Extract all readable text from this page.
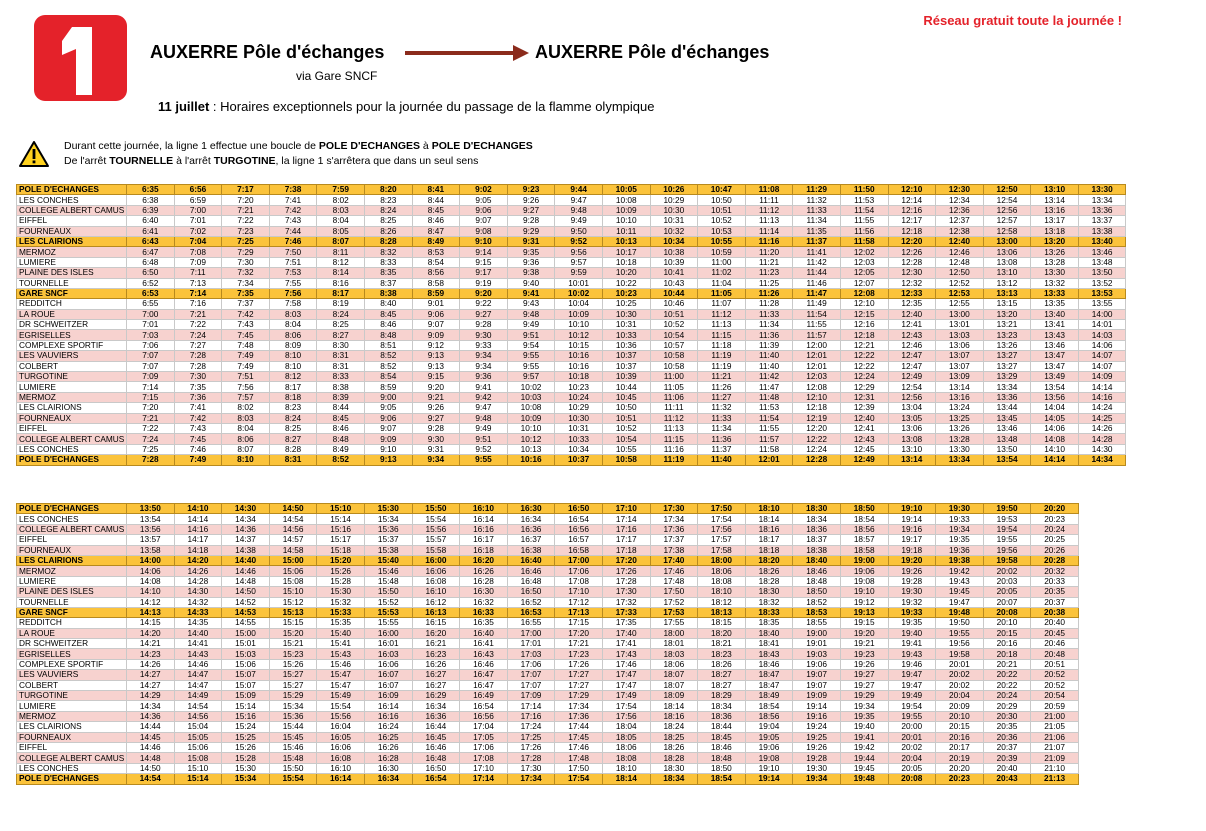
Réseau gratuit toute la journée !
AUXERRE Pôle d'échanges	AUXERRE Pôle d'échanges
via Gare SNCF
11 juillet : Horaires exceptionnels pour la journée du passage de la flamme olympique
Durant cette journée, la ligne 1 effectue une boucle de POLE D'ECHANGES à POLE D'ECHANGES
De l'arrêt TOURNELLE à l'arrêt TURGOTINE, la ligne 1 s'arrêtera que dans un seul sens
POLE D'ECHANGES	6:35	6:56	7:17	7:38	7:59	8:20	8:41	9:02	9:23	9:44	10:05	10:26	10:47	11:08	11:29	11:50	12:10	12:30	12:50	13:10	13:30
LES CONCHES	6:38	6:59	7:20	7:41	8:02	8:23	8:44	9:05	9:26	9:47	10:08	10:29	10:50	11:11	11:32	11:53	12:14	12:34	12:54	13:14	13:34
COLLEGE ALBERT CAMUS	6:39	7:00	7:21	7:42	8:03	8:24	8:45	9:06	9:27	9:48	10:09	10:30	10:51	11:12	11:33	11:54	12:16	12:36	12:56	13:16	13:36
EIFFEL	6:40	7:01	7:22	7:43	8:04	8:25	8:46	9:07	9:28	9:49	10:10	10:31	10:52	11:13	11:34	11:55	12:17	12:37	12:57	13:17	13:37
FOURNEAUX	6:41	7:02	7:23	7:44	8:05	8:26	8:47	9:08	9:29	9:50	10:11	10:32	10:53	11:14	11:35	11:56	12:18	12:38	12:58	13:18	13:38
LES CLAIRIONS	6:43	7:04	7:25	7:46	8:07	8:28	8:49	9:10	9:31	9:52	10:13	10:34	10:55	11:16	11:37	11:58	12:20	12:40	13:00	13:20	13:40
MERMOZ	6:47	7:08	7:29	7:50	8:11	8:32	8:53	9:14	9:35	9:56	10:17	10:38	10:59	11:20	11:41	12:02	12:26	12:46	13:06	13:26	13:46
LUMIERE	6:48	7:09	7:30	7:51	8:12	8:33	8:54	9:15	9:36	9:57	10:18	10:39	11:00	11:21	11:42	12:03	12:28	12:48	13:08	13:28	13:48
PLAINE DES ISLES	6:50	7:11	7:32	7:53	8:14	8:35	8:56	9:17	9:38	9:59	10:20	10:41	11:02	11:23	11:44	12:05	12:30	12:50	13:10	13:30	13:50
TOURNELLE	6:52	7:13	7:34	7:55	8:16	8:37	8:58	9:19	9:40	10:01	10:22	10:43	11:04	11:25	11:46	12:07	12:32	12:52	13:12	13:32	13:52
GARE SNCF	6:53	7:14	7:35	7:56	8:17	8:38	8:59	9:20	9:41	10:02	10:23	10:44	11:05	11:26	11:47	12:08	12:33	12:53	13:13	13:33	13:53
REDDITCH	6:55	7:16	7:37	7:58	8:19	8:40	9:01	9:22	9:43	10:04	10:25	10:46	11:07	11:28	11:49	12:10	12:35	12:55	13:15	13:35	13:55
LA ROUE	7:00	7:21	7:42	8:03	8:24	8:45	9:06	9:27	9:48	10:09	10:30	10:51	11:12	11:33	11:54	12:15	12:40	13:00	13:20	13:40	14:00
DR SCHWEITZER	7:01	7:22	7:43	8:04	8:25	8:46	9:07	9:28	9:49	10:10	10:31	10:52	11:13	11:34	11:55	12:16	12:41	13:01	13:21	13:41	14:01
EGRISELLES	7:03	7:24	7:45	8:06	8:27	8:48	9:09	9:30	9:51	10:12	10:33	10:54	11:15	11:36	11:57	12:18	12:43	13:03	13:23	13:43	14:03
COMPLEXE SPORTIF	7:06	7:27	7:48	8:09	8:30	8:51	9:12	9:33	9:54	10:15	10:36	10:57	11:18	11:39	12:00	12:21	12:46	13:06	13:26	13:46	14:06
LES VAUVIERS	7:07	7:28	7:49	8:10	8:31	8:52	9:13	9:34	9:55	10:16	10:37	10:58	11:19	11:40	12:01	12:22	12:47	13:07	13:27	13:47	14:07
COLBERT	7:07	7:28	7:49	8:10	8:31	8:52	9:13	9:34	9:55	10:16	10:37	10:58	11:19	11:40	12:01	12:22	12:47	13:07	13:27	13:47	14:07
TURGOTINE	7:09	7:30	7:51	8:12	8:33	8:54	9:15	9:36	9:57	10:18	10:39	11:00	11:21	11:42	12:03	12:24	12:49	13:09	13:29	13:49	14:09
LUMIERE	7:14	7:35	7:56	8:17	8:38	8:59	9:20	9:41	10:02	10:23	10:44	11:05	11:26	11:47	12:08	12:29	12:54	13:14	13:34	13:54	14:14
MERMOZ	7:15	7:36	7:57	8:18	8:39	9:00	9:21	9:42	10:03	10:24	10:45	11:06	11:27	11:48	12:10	12:31	12:56	13:16	13:36	13:56	14:16
LES CLAIRIONS	7:20	7:41	8:02	8:23	8:44	9:05	9:26	9:47	10:08	10:29	10:50	11:11	11:32	11:53	12:18	12:39	13:04	13:24	13:44	14:04	14:24
FOURNEAUX	7:21	7:42	8:03	8:24	8:45	9:06	9:27	9:48	10:09	10:30	10:51	11:12	11:33	11:54	12:19	12:40	13:05	13:25	13:45	14:05	14:25
EIFFEL	7:22	7:43	8:04	8:25	8:46	9:07	9:28	9:49	10:10	10:31	10:52	11:13	11:34	11:55	12:20	12:41	13:06	13:26	13:46	14:06	14:26
COLLEGE ALBERT CAMUS	7:24	7:45	8:06	8:27	8:48	9:09	9:30	9:51	10:12	10:33	10:54	11:15	11:36	11:57	12:22	12:43	13:08	13:28	13:48	14:08	14:28
LES CONCHES	7:25	7:46	8:07	8:28	8:49	9:10	9:31	9:52	10:13	10:34	10:55	11:16	11:37	11:58	12:24	12:45	13:10	13:30	13:50	14:10	14:30
POLE D'ECHANGES	7:28	7:49	8:10	8:31	8:52	9:13	9:34	9:55	10:16	10:37	10:58	11:19	11:40	12:01	12:28	12:49	13:14	13:34	13:54	14:14	14:34
POLE D'ECHANGES	13:50	14:10	14:30	14:50	15:10	15:30	15:50	16:10	16:30	16:50	17:10	17:30	17:50	18:10	18:30	18:50	19:10	19:30	19:50	20:20
LES CONCHES	13:54	14:14	14:34	14:54	15:14	15:34	15:54	16:14	16:34	16:54	17:14	17:34	17:54	18:14	18:34	18:54	19:14	19:33	19:53	20:23
COLLEGE ALBERT CAMUS	13:56	14:16	14:36	14:56	15:16	15:36	15:56	16:16	16:36	16:56	17:16	17:36	17:56	18:16	18:36	18:56	19:16	19:34	19:54	20:24
EIFFEL	13:57	14:17	14:37	14:57	15:17	15:37	15:57	16:17	16:37	16:57	17:17	17:37	17:57	18:17	18:37	18:57	19:17	19:35	19:55	20:25
FOURNEAUX	13:58	14:18	14:38	14:58	15:18	15:38	15:58	16:18	16:38	16:58	17:18	17:38	17:58	18:18	18:38	18:58	19:18	19:36	19:56	20:26
LES CLAIRIONS	14:00	14:20	14:40	15:00	15:20	15:40	16:00	16:20	16:40	17:00	17:20	17:40	18:00	18:20	18:40	19:00	19:20	19:38	19:58	20:28
MERMOZ	14:06	14:26	14:46	15:06	15:26	15:46	16:06	16:26	16:46	17:06	17:26	17:46	18:06	18:26	18:46	19:06	19:26	19:42	20:02	20:32
LUMIERE	14:08	14:28	14:48	15:08	15:28	15:48	16:08	16:28	16:48	17:08	17:28	17:48	18:08	18:28	18:48	19:08	19:28	19:43	20:03	20:33
PLAINE DES ISLES	14:10	14:30	14:50	15:10	15:30	15:50	16:10	16:30	16:50	17:10	17:30	17:50	18:10	18:30	18:50	19:10	19:30	19:45	20:05	20:35
TOURNELLE	14:12	14:32	14:52	15:12	15:32	15:52	16:12	16:32	16:52	17:12	17:32	17:52	18:12	18:32	18:52	19:12	19:32	19:47	20:07	20:37
GARE SNCF	14:13	14:33	14:53	15:13	15:33	15:53	16:13	16:33	16:53	17:13	17:33	17:53	18:13	18:33	18:53	19:13	19:33	19:48	20:08	20:38
REDDITCH	14:15	14:35	14:55	15:15	15:35	15:55	16:15	16:35	16:55	17:15	17:35	17:55	18:15	18:35	18:55	19:15	19:35	19:50	20:10	20:40
LA ROUE	14:20	14:40	15:00	15:20	15:40	16:00	16:20	16:40	17:00	17:20	17:40	18:00	18:20	18:40	19:00	19:20	19:40	19:55	20:15	20:45
DR SCHWEITZER	14:21	14:41	15:01	15:21	15:41	16:01	16:21	16:41	17:01	17:21	17:41	18:01	18:21	18:41	19:01	19:21	19:41	19:56	20:16	20:46
EGRISELLES	14:23	14:43	15:03	15:23	15:43	16:03	16:23	16:43	17:03	17:23	17:43	18:03	18:23	18:43	19:03	19:23	19:43	19:58	20:18	20:48
COMPLEXE SPORTIF	14:26	14:46	15:06	15:26	15:46	16:06	16:26	16:46	17:06	17:26	17:46	18:06	18:26	18:46	19:06	19:26	19:46	20:01	20:21	20:51
LES VAUVIERS	14:27	14:47	15:07	15:27	15:47	16:07	16:27	16:47	17:07	17:27	17:47	18:07	18:27	18:47	19:07	19:27	19:47	20:02	20:22	20:52
COLBERT	14:27	14:47	15:07	15:27	15:47	16:07	16:27	16:47	17:07	17:27	17:47	18:07	18:27	18:47	19:07	19:27	19:47	20:02	20:22	20:52
TURGOTINE	14:29	14:49	15:09	15:29	15:49	16:09	16:29	16:49	17:09	17:29	17:49	18:09	18:29	18:49	19:09	19:29	19:49	20:04	20:24	20:54
LUMIERE	14:34	14:54	15:14	15:34	15:54	16:14	16:34	16:54	17:14	17:34	17:54	18:14	18:34	18:54	19:14	19:34	19:54	20:09	20:29	20:59
MERMOZ	14:36	14:56	15:16	15:36	15:56	16:16	16:36	16:56	17:16	17:36	17:56	18:16	18:36	18:56	19:16	19:35	19:55	20:10	20:30	21:00
LES CLAIRIONS	14:44	15:04	15:24	15:44	16:04	16:24	16:44	17:04	17:24	17:44	18:04	18:24	18:44	19:04	19:24	19:40	20:00	20:15	20:35	21:05
FOURNEAUX	14:45	15:05	15:25	15:45	16:05	16:25	16:45	17:05	17:25	17:45	18:05	18:25	18:45	19:05	19:25	19:41	20:01	20:16	20:36	21:06
EIFFEL	14:46	15:06	15:26	15:46	16:06	16:26	16:46	17:06	17:26	17:46	18:06	18:26	18:46	19:06	19:26	19:42	20:02	20:17	20:37	21:07
COLLEGE ALBERT CAMUS	14:48	15:08	15:28	15:48	16:08	16:28	16:48	17:08	17:28	17:48	18:08	18:28	18:48	19:08	19:28	19:44	20:04	20:19	20:39	21:09
LES CONCHES	14:50	15:10	15:30	15:50	16:10	16:30	16:50	17:10	17:30	17:50	18:10	18:30	18:50	19:10	19:30	19:45	20:05	20:20	20:40	21:10
POLE D'ECHANGES	14:54	15:14	15:34	15:54	16:14	16:34	16:54	17:14	17:34	17:54	18:14	18:34	18:54	19:14	19:34	19:48	20:08	20:23	20:43	21:13
